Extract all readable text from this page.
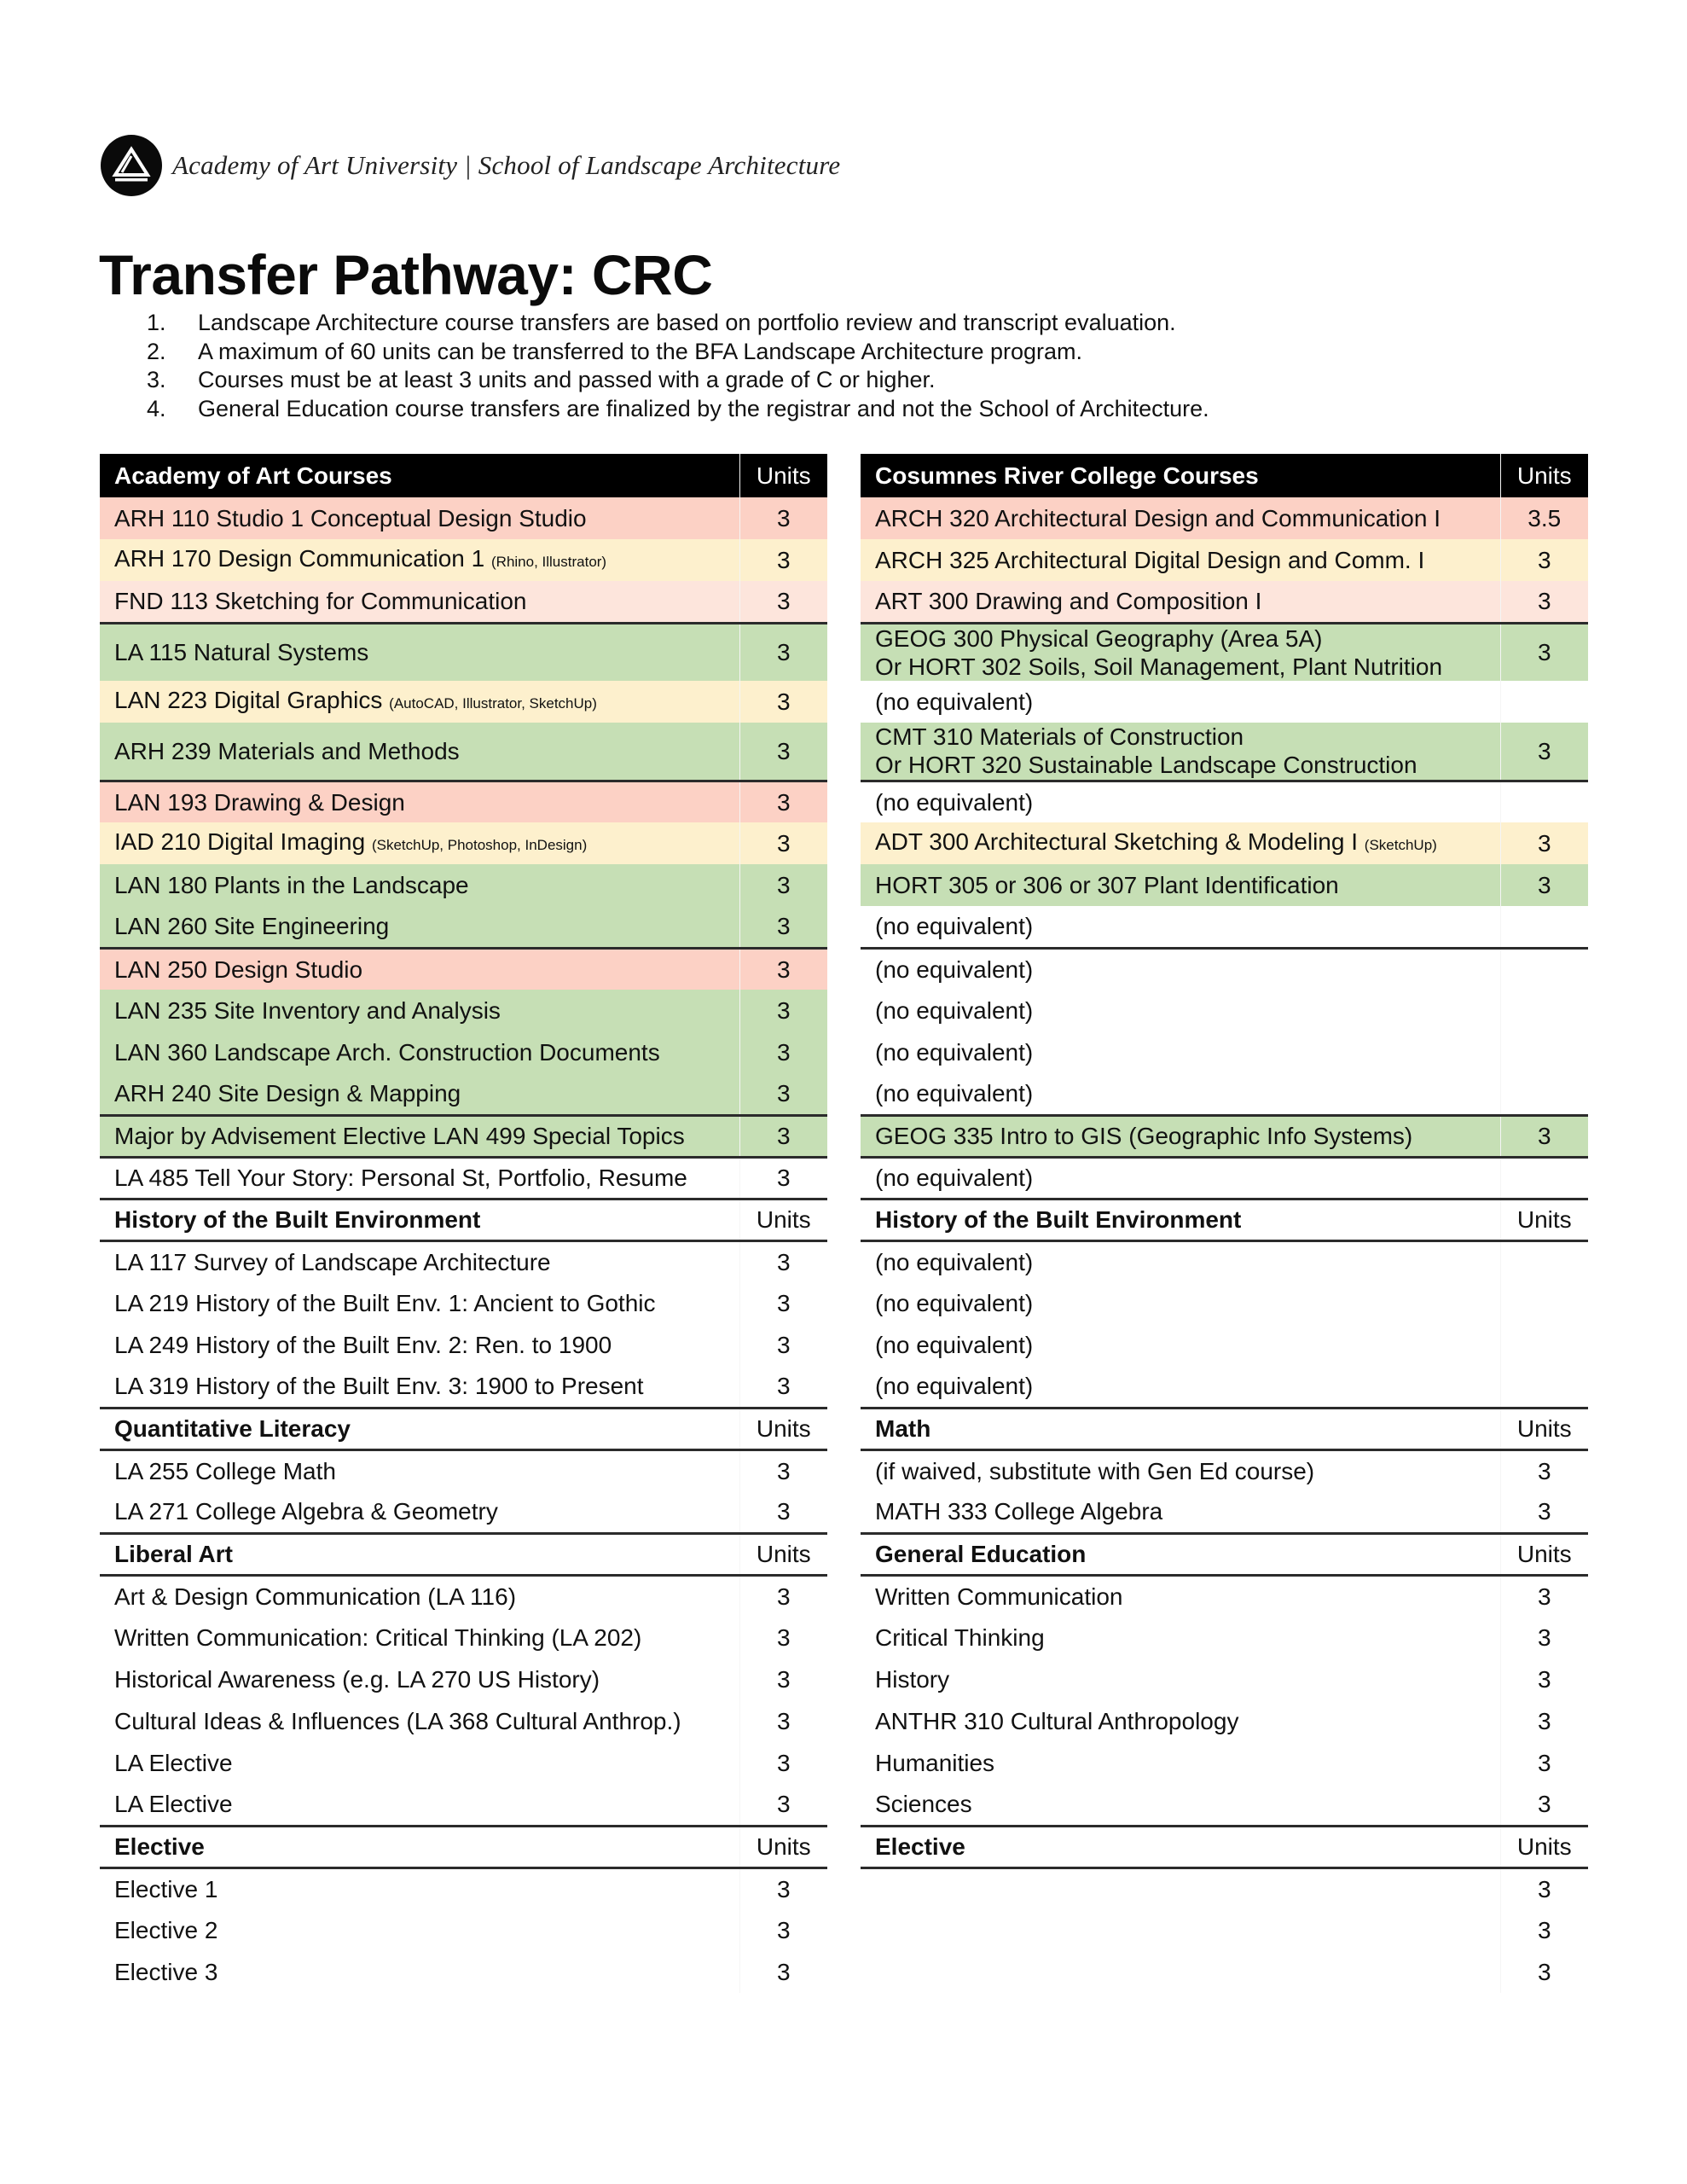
Academy of Art University | School of Landscape Architecture
Transfer Pathway: CRC
1.	Landscape Architecture course transfers are based on portfolio review and transcript evaluation.
2.	A maximum of 60 units can be transferred to the BFA Landscape Architecture program.
3.	Courses must be at least 3 units and passed with a grade of C or higher.
4.	General Education course transfers are finalized by the registrar and not the School of Architecture.
Academy of Art Courses	Units
ARH 110 Studio 1 Conceptual Design Studio	3
ARH 170 Design Communication 1 (Rhino, Illustrator)	3
FND 113 Sketching for Communication	3
LA 115 Natural Systems	3
LAN 223 Digital Graphics (AutoCAD, Illustrator, SketchUp)	3
ARH 239 Materials and Methods	3
LAN 193 Drawing & Design	3
IAD 210 Digital Imaging (SketchUp, Photoshop, InDesign)	3
LAN 180 Plants in the Landscape	3
LAN 260 Site Engineering	3
LAN 250 Design Studio	3
LAN 235 Site Inventory and Analysis	3
LAN 360 Landscape Arch. Construction Documents	3
ARH 240 Site Design & Mapping	3
Major by Advisement Elective LAN 499 Special Topics	3
LA 485 Tell Your Story: Personal St, Portfolio, Resume	3
History of the Built Environment	Units
LA 117 Survey of Landscape Architecture	3
LA 219 History of the Built Env. 1: Ancient to Gothic	3
LA 249 History of the Built Env. 2: Ren. to 1900	3
LA 319 History of the Built Env. 3: 1900 to Present	3
Quantitative Literacy	Units
LA 255 College Math	3
LA 271 College Algebra & Geometry	3
Liberal Art	Units
Art & Design Communication (LA 116)	3
Written Communication: Critical Thinking (LA 202)	3
Historical Awareness (e.g. LA 270 US History)	3
Cultural Ideas & Influences (LA 368 Cultural Anthrop.)	3
LA Elective	3
LA Elective	3
Elective	Units
Elective 1	3
Elective 2	3
Elective 3	3
Cosumnes River College Courses	Units
ARCH 320 Architectural Design and Communication I	3.5
ARCH 325 Architectural Digital Design and Comm. I	3
ART 300 Drawing and Composition I	3

GEOG 300 Physical Geography (Area 5A)
Or HORT 302 Soils, Soil Management, Plant Nutrition	3
(no equivalent)	

CMT 310 Materials of Construction
Or HORT 320 Sustainable Landscape Construction	3
(no equivalent)	
ADT 300 Architectural Sketching & Modeling I (SketchUp)	3
HORT 305 or 306 or 307 Plant Identification	3
(no equivalent)	
(no equivalent)	
(no equivalent)	
(no equivalent)	
(no equivalent)	
GEOG 335 Intro to GIS (Geographic Info Systems)	3
(no equivalent)	
History of the Built Environment	Units
(no equivalent)	
(no equivalent)	
(no equivalent)	
(no equivalent)	
Math	Units
(if waived, substitute with Gen Ed course)	3
MATH 333 College Algebra	3
General Education	Units
Written Communication	3
Critical Thinking	3
History	3
ANTHR 310 Cultural Anthropology	3
Humanities	3
Sciences	3
Elective	Units
	3
	3
	3
